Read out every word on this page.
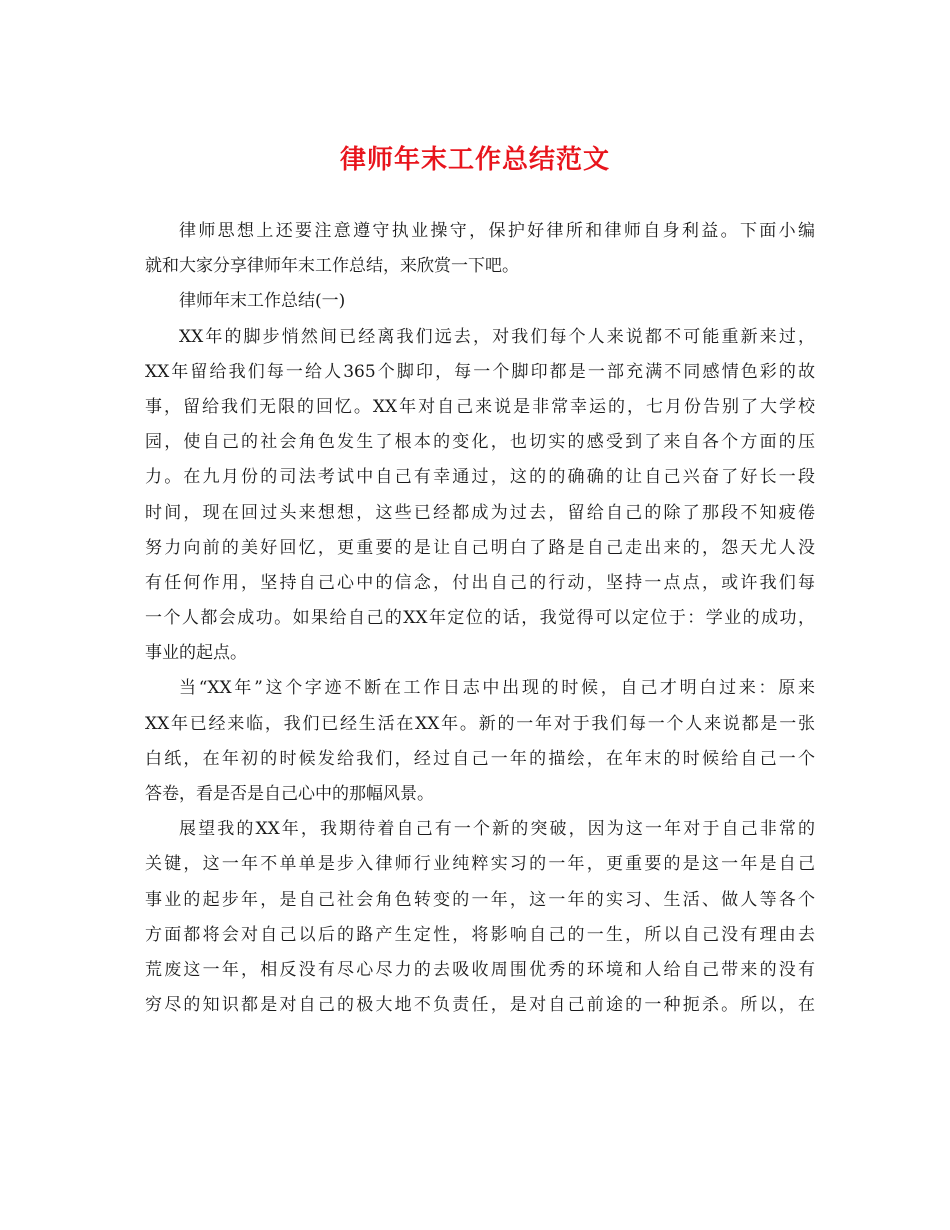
律师年末工作总结范文
律师思想上还要注意遵守执业操守，保护好律所和律师自身利益。下面小编
就和大家分享律师年末工作总结，来欣赏一下吧。
律师年末工作总结(一)
XX年的脚步悄然间已经离我们远去，对我们每个人来说都不可能重新来过，
XX年留给我们每一给人365个脚印，每一个脚印都是一部充满不同感情色彩的故
事，留给我们无限的回忆。XX年对自己来说是非常幸运的，七月份告别了大学校
园，使自己的社会角色发生了根本的变化，也切实的感受到了来自各个方面的压
力。在九月份的司法考试中自己有幸通过，这的的确确的让自己兴奋了好长一段
时间，现在回过头来想想，这些已经都成为过去，留给自己的除了那段不知疲倦
努力向前的美好回忆，更重要的是让自己明白了路是自己走出来的，怨天尤人没
有任何作用，坚持自己心中的信念，付出自己的行动，坚持一点点，或许我们每
一个人都会成功。如果给自己的XX年定位的话，我觉得可以定位于：学业的成功，
事业的起点。
当“XX年”这个字迹不断在工作日志中出现的时候，自己才明白过来：原来
XX年已经来临，我们已经生活在XX年。新的一年对于我们每一个人来说都是一张
白纸，在年初的时候发给我们，经过自己一年的描绘，在年末的时候给自己一个
答卷，看是否是自己心中的那幅风景。
展望我的XX年，我期待着自己有一个新的突破，因为这一年对于自己非常的
关键，这一年不单单是步入律师行业纯粹实习的一年，更重要的是这一年是自己
事业的起步年，是自己社会角色转变的一年，这一年的实习、生活、做人等各个
方面都将会对自己以后的路产生定性，将影响自己的一生，所以自己没有理由去
荒废这一年，相反没有尽心尽力的去吸收周围优秀的环境和人给自己带来的没有
穷尽的知识都是对自己的极大地不负责任，是对自己前途的一种扼杀。所以，在
